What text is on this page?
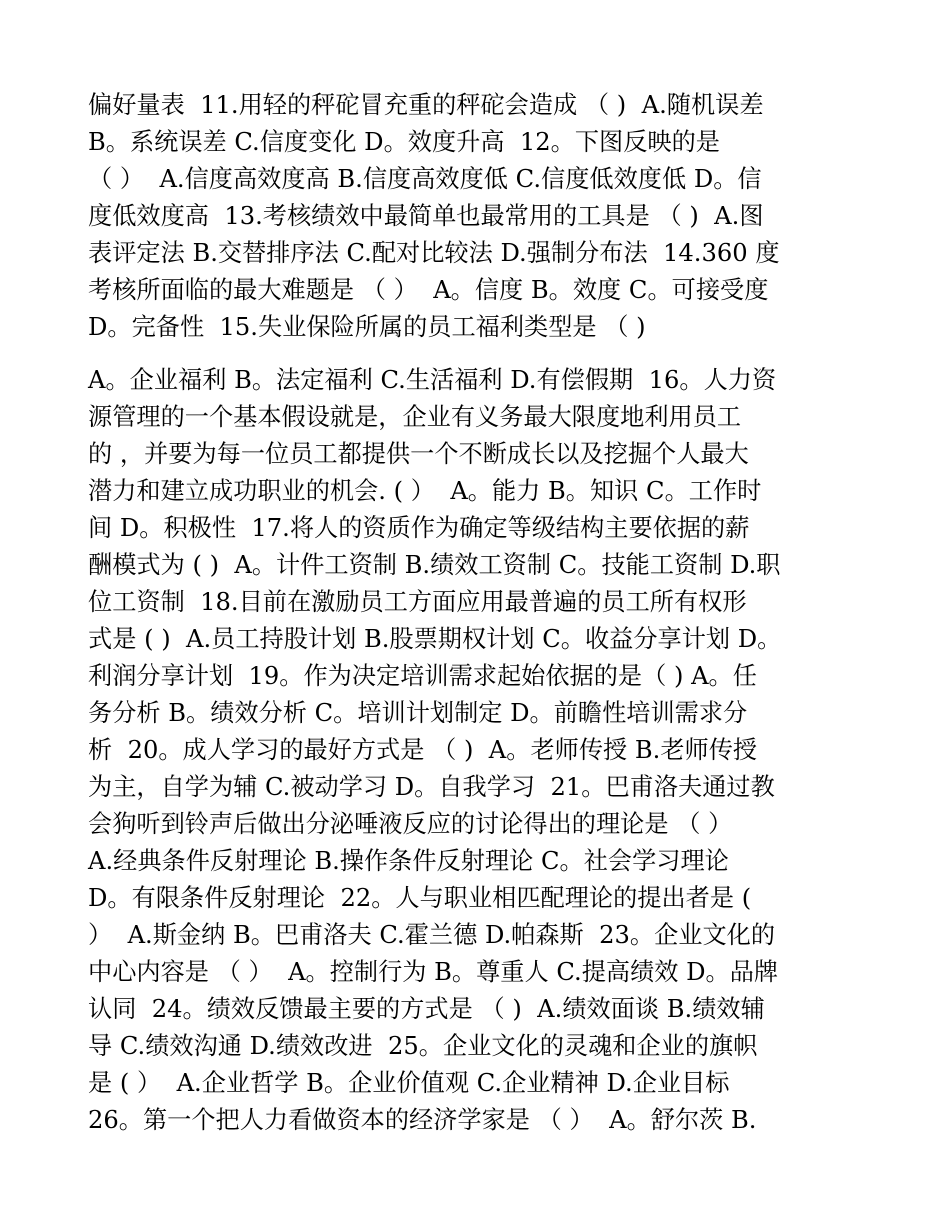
偏好量表  11.用轻的秤砣冒充重的秤砣会造成 （ )  A.随机误差
B。系统误差 C.信度变化 D。效度升高  12。下图反映的是
（ ）  A.信度高效度高 B.信度高效度低 C.信度低效度低 D。信
度低效度高  13.考核绩效中最简单也最常用的工具是 （ )  A.图
表评定法 B.交替排序法 C.配对比较法 D.强制分布法  14.360 度
考核所面临的最大难题是 （ ）  A。信度 B。效度 C。可接受度
D。完备性  15.失业保险所属的员工福利类型是 （ )
A。企业福利 B。法定福利 C.生活福利 D.有偿假期  16。人力资
源管理的一个基本假设就是，企业有义务最大限度地利用员工
的 ，并要为每一位员工都提供一个不断成长以及挖掘个人最大
潜力和建立成功职业的机会. ( ）  A。能力 B。知识 C。工作时
间 D。积极性  17.将人的资质作为确定等级结构主要依据的薪
酬模式为 ( )  A。计件工资制 B.绩效工资制 C。技能工资制 D.职
位工资制  18.目前在激励员工方面应用最普遍的员工所有权形
式是 ( )  A.员工持股计划 B.股票期权计划 C。收益分享计划 D。
利润分享计划  19。作为决定培训需求起始依据的是（ ) A。任
务分析 B。绩效分析 C。培训计划制定 D。前瞻性培训需求分
析  20。成人学习的最好方式是 （ )  A。老师传授 B.老师传授
为主，自学为辅 C.被动学习 D。自我学习  21。巴甫洛夫通过教
会狗听到铃声后做出分泌唾液反应的讨论得出的理论是 （ ）
A.经典条件反射理论 B.操作条件反射理论 C。社会学习理论
D。有限条件反射理论  22。人与职业相匹配理论的提出者是 (
）  A.斯金纳 B。巴甫洛夫 C.霍兰德 D.帕森斯  23。企业文化的
中心内容是 （ ）  A。控制行为 B。尊重人 C.提高绩效 D。品牌
认同  24。绩效反馈最主要的方式是 （ )  A.绩效面谈 B.绩效辅
导 C.绩效沟通 D.绩效改进  25。企业文化的灵魂和企业的旗帜
是 ( ）  A.企业哲学 B。企业价值观 C.企业精神 D.企业目标
26。第一个把人力看做资本的经济学家是 （ ）  A。舒尔茨 B.
